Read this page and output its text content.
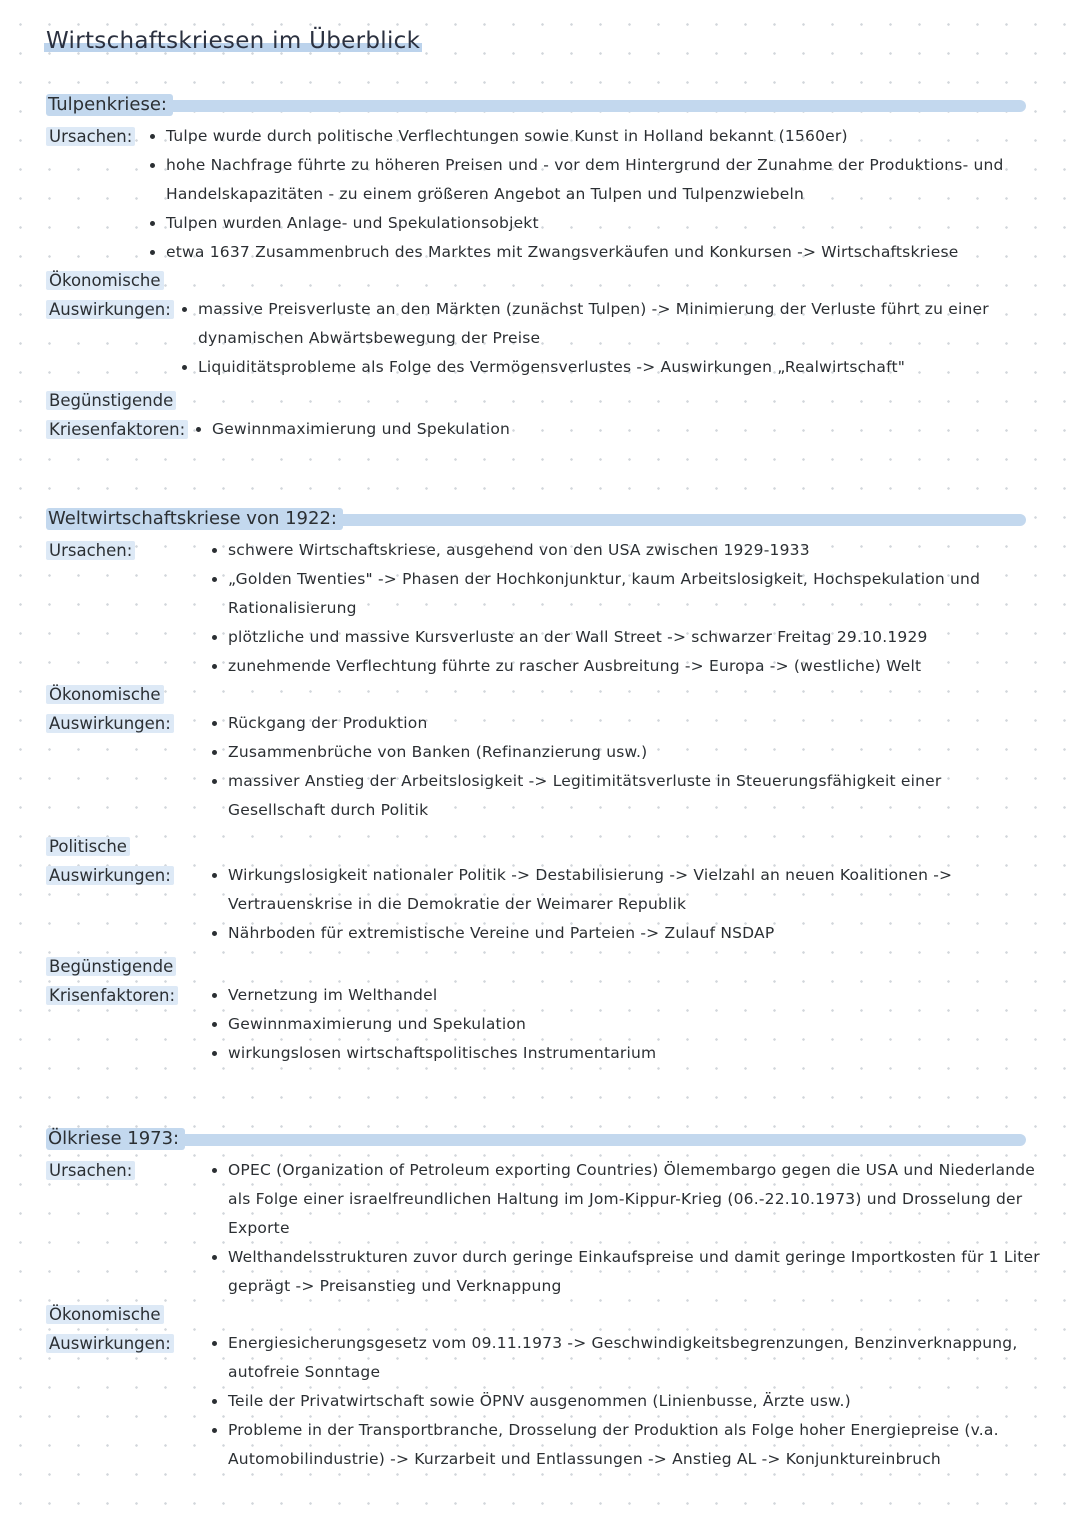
Wirtschaftskriesen im Überblick
Tulpenkriese:
Ursachen:	Tulpe wurde durch politische Verflechtungen sowie Kunst in Holland bekannt (1560er)
hohe Nachfrage führte zu höheren Preisen und - vor dem Hintergrund der Zunahme der Produktions- und Handelskapazitäten - zu einem größeren Angebot an Tulpen und Tulpenzwiebeln
Tulpen wurden Anlage- und Spekulationsobjekt
etwa 1637 Zusammenbruch des Marktes mit Zwangsverkäufen und Konkursen -> Wirtschaftskriese
Ökonomische
Auswirkungen:	massive Preisverluste an den Märkten (zunächst Tulpen) -> Minimierung der Verluste führt zu einer dynamischen Abwärtsbewegung der Preise
Liquiditätsprobleme als Folge des Vermögensverlustes -> Auswirkungen „Realwirtschaft"
Begünstigende
Kriesenfaktoren:	Gewinnmaximierung und Spekulation
Weltwirtschaftskriese von 1922:
Ursachen:	schwere Wirtschaftskriese, ausgehend von den USA zwischen 1929-1933
„Golden Twenties" -> Phasen der Hochkonjunktur, kaum Arbeitslosigkeit, Hochspekulation und Rationalisierung
plötzliche und massive Kursverluste an der Wall Street -> schwarzer Freitag 29.10.1929
zunehmende Verflechtung führte zu rascher Ausbreitung -> Europa -> (westliche) Welt
Ökonomische
Auswirkungen:	Rückgang der Produktion
Zusammenbrüche von Banken (Refinanzierung usw.)
massiver Anstieg der Arbeitslosigkeit -> Legitimitätsverluste in Steuerungsfähigkeit einer Gesellschaft durch Politik
Politische
Auswirkungen:	Wirkungslosigkeit nationaler Politik -> Destabilisierung -> Vielzahl an neuen Koalitionen -> Vertrauenskrise in die Demokratie der Weimarer Republik
Nährboden für extremistische Vereine und Parteien -> Zulauf NSDAP
Begünstigende
Krisenfaktoren:	Vernetzung im Welthandel
Gewinnmaximierung und Spekulation
wirkungslosen wirtschaftspolitisches Instrumentarium
Ölkriese 1973:
Ursachen:	OPEC (Organization of Petroleum exporting Countries) Ölemembargo gegen die USA und Niederlande als Folge einer israelfreundlichen Haltung im Jom-Kippur-Krieg (06.-22.10.1973) und Drosselung der Exporte
Welthandelsstrukturen zuvor durch geringe Einkaufspreise und damit geringe Importkosten für 1 Liter geprägt -> Preisanstieg und Verknappung
Ökonomische
Auswirkungen:	Energiesicherungsgesetz vom 09.11.1973 -> Geschwindigkeitsbegrenzungen, Benzinverknappung, autofreie Sonntage
Teile der Privatwirtschaft sowie ÖPNV ausgenommen (Linienbusse, Ärzte usw.)
Probleme in der Transportbranche, Drosselung der Produktion als Folge hoher Energiepreise (v.a. Automobilindustrie) -> Kurzarbeit und Entlassungen -> Anstieg AL -> Konjunktureinbruch
